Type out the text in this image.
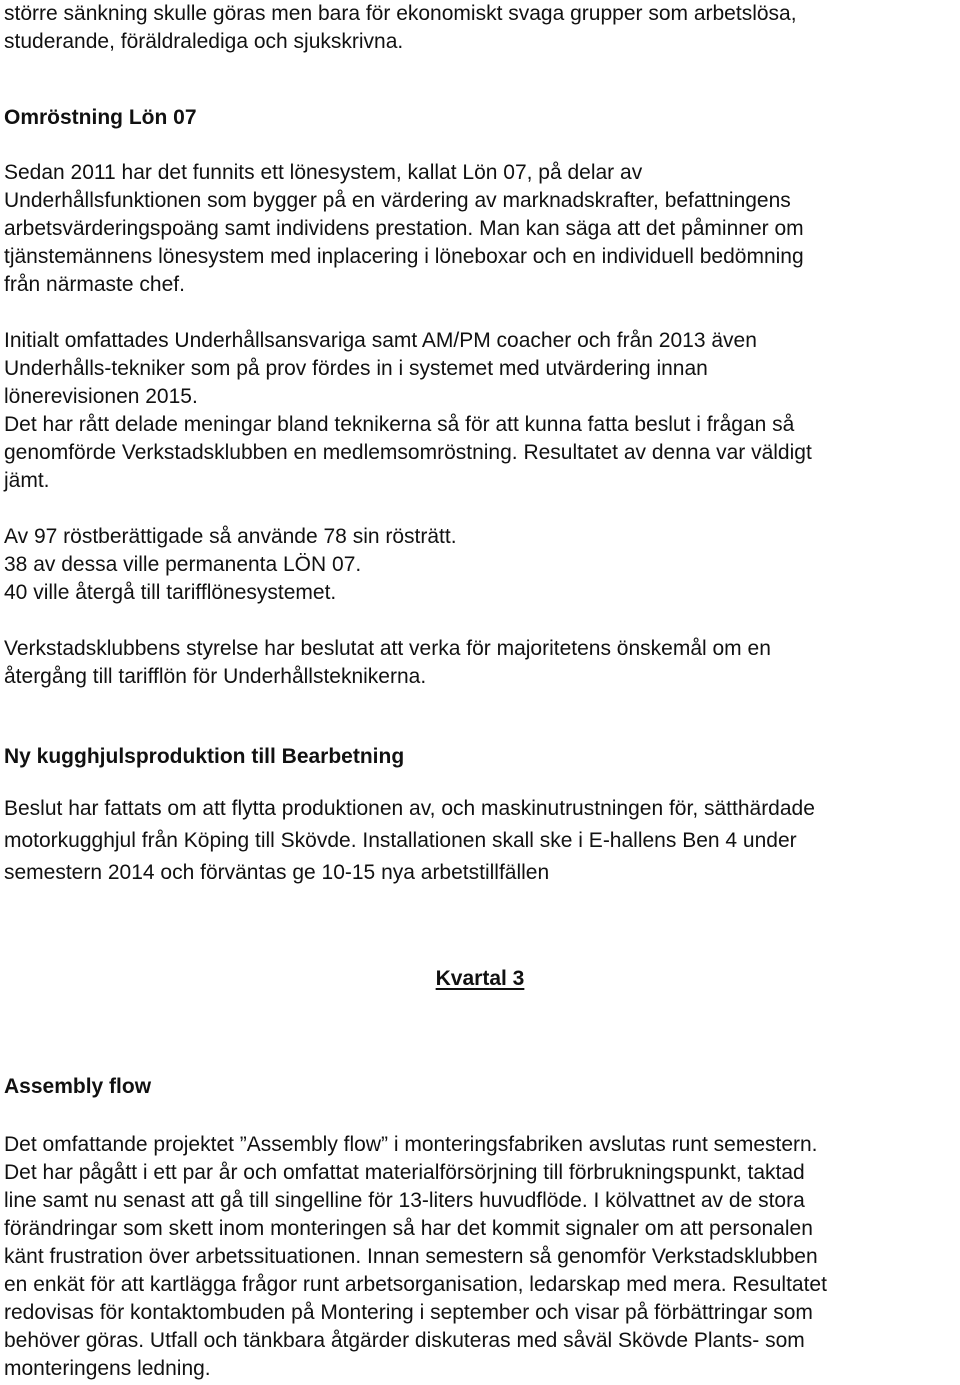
större sänkning skulle göras men bara för ekonomiskt svaga grupper som arbetslösa,

studerande, föräldralediga och sjukskrivna.

Omröstning Lön 07

Sedan 2011 har det funnits ett lönesystem, kallat Lön 07, på delar av

Underhållsfunktionen som bygger på en värdering av marknadskrafter, befattningens

arbetsvärderingspoäng samt individens prestation. Man kan säga att det påminner om

tjänstemännens lönesystem med inplacering i löneboxar och en individuell bedömning

från närmaste chef.

Initialt omfattades Underhållsansvariga samt AM/PM coacher och från 2013 även

Underhålls-tekniker som på prov fördes in i systemet med utvärdering innan

lönerevisionen 2015.

Det har rått delade meningar bland teknikerna så för att kunna fatta beslut i frågan så

genomförde Verkstadsklubben en medlemsomröstning. Resultatet av denna var väldigt

jämt.

Av 97 röstberättigade så använde 78 sin rösträtt.

38 av dessa ville permanenta LÖN 07.

40 ville återgå till tarifflönesystemet.

Verkstadsklubbens styrelse har beslutat att verka för majoritetens önskemål om en

återgång till tarifflön för Underhållsteknikerna.

Ny kugghjulsproduktion till Bearbetning

Beslut har fattats om att flytta produktionen av, och maskinutrustningen för, sätthärdade

motorkugghjul från Köping till Skövde. Installationen skall ske i E-hallens Ben 4 under

semestern 2014 och förväntas ge 10-15 nya arbetstillfällen

Kvartal 3

Assembly flow

Det omfattande projektet ”Assembly flow” i monteringsfabriken avslutas runt semestern.

Det har pågått i ett par år och omfattat materialförsörjning till förbrukningspunkt, taktad

line samt nu senast att gå till singelline för 13-liters huvudflöde. I kölvattnet av de stora

förändringar som skett inom monteringen så har det kommit signaler om att personalen

känt frustration över arbetssituationen. Innan semestern så genomför Verkstadsklubben

en enkät för att kartlägga frågor runt arbetsorganisation, ledarskap med mera. Resultatet

redovisas för kontaktombuden på Montering i september och visar på förbättringar som

behöver göras. Utfall och tänkbara åtgärder diskuteras med såväl Skövde Plants- som

monteringens ledning.
